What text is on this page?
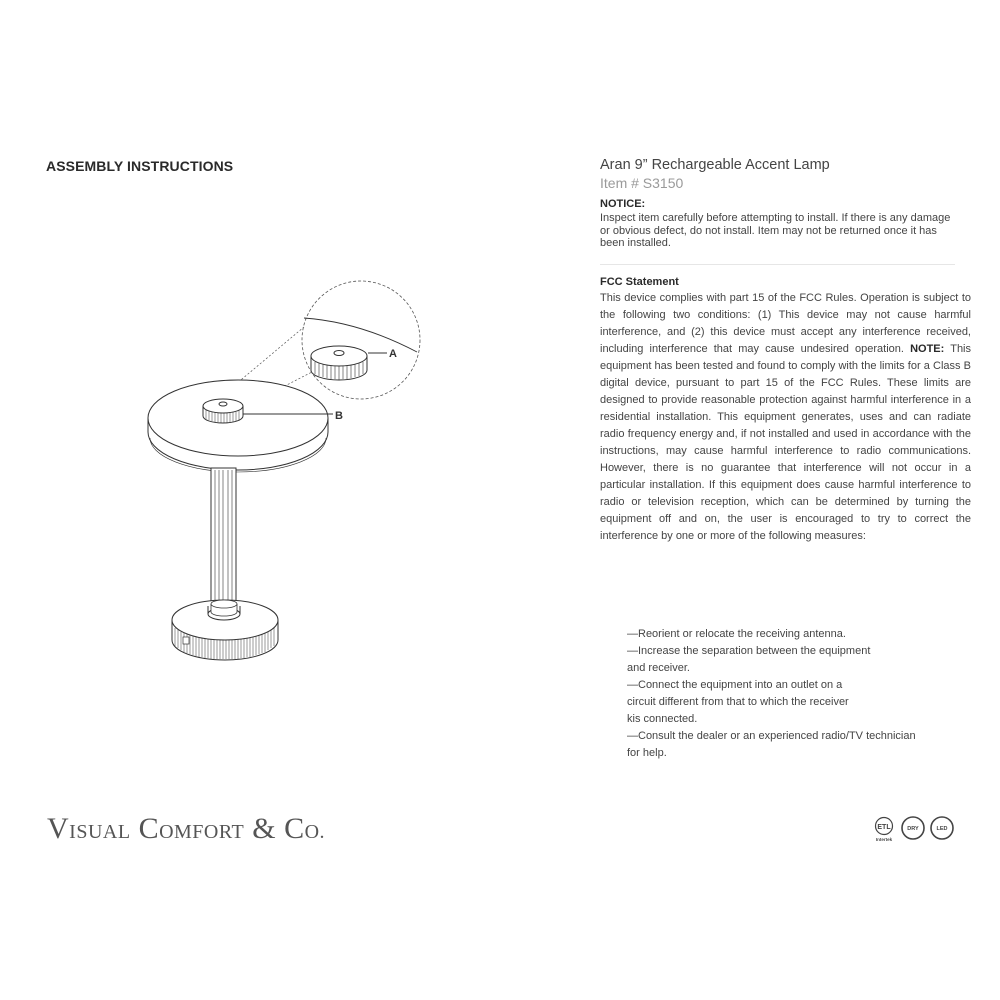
ASSEMBLY INSTRUCTIONS	Aran 9” Rechargeable Accent Lamp
Item # S3150
NOTICE:

Inspect item carefully before attempting to install. If there is any damage or obvious defect, do not install. Item may not be returned once it has been installed.

FCC Statement

This device complies with part 15 of the FCC Rules. Operation is subject to the following two conditions: (1) This device may not cause harmful interference, and (2) this device must accept any interference received, including interference that may cause undesired operation. NOTE: This equipment has been tested and found to comply with the limits for a Class B digital device, pursuant to part 15 of the FCC Rules. These limits are designed to provide reasonable protection against harmful interference in a residential installation. This equipment generates, uses and can radiate radio frequency energy and, if not installed and used in accordance with the instructions, may cause harmful interference to radio communications. However, there is no guarantee that interference will not occur in a particular installation. If this equipment does cause harmful interference to radio or television reception, which can be determined by turning the equipment off and on, the user is encouraged to try to correct the interference by one or more of the following measures:

—Reorient or relocate the receiving antenna.
—Increase the separation between the equipment
and receiver.
—Connect the equipment into an outlet on a
circuit different from that to which the receiver
kis connected.
—Consult the dealer or an experienced radio/TV technician
for help.
A
B
VISUAL COMFORT & CO.	ETL
Intertek
DRY	LED
